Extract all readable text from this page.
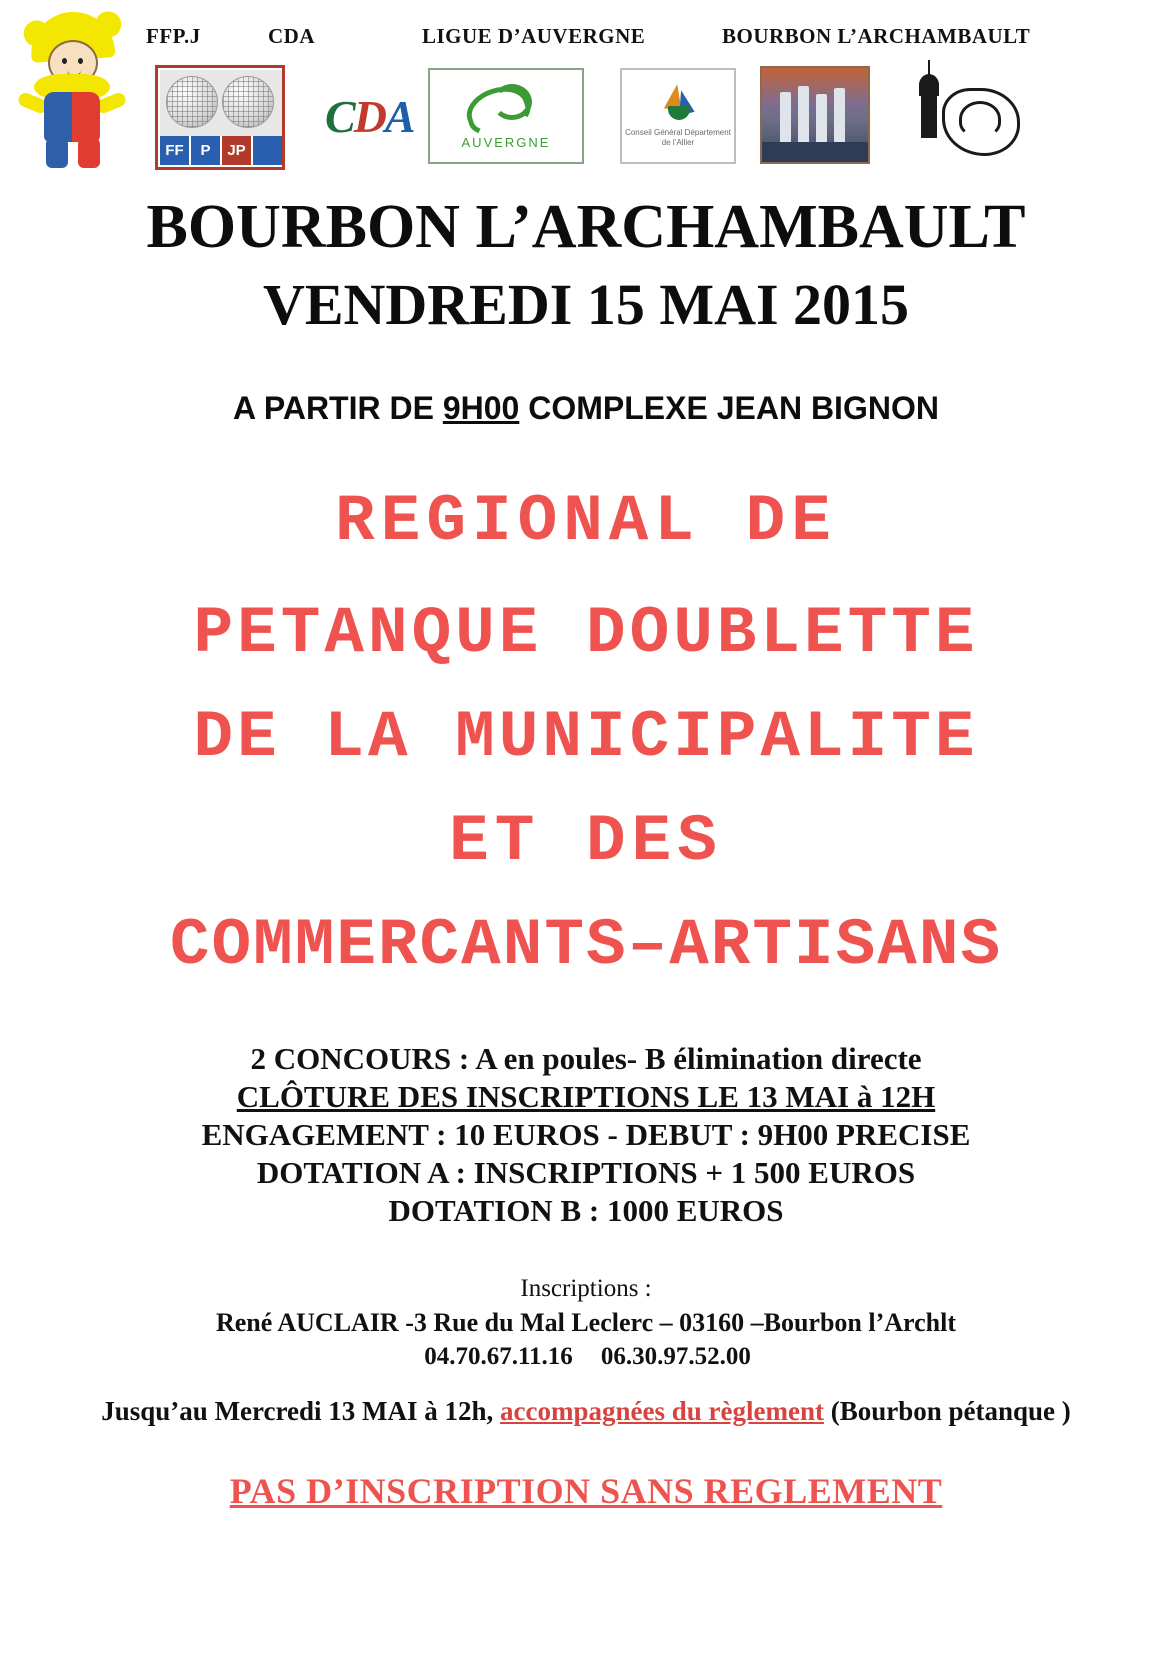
FFP.J	CDA	LIGUE D’AUVERGNE	BOURBON L’ARCHAMBAULT
FF	P	JP
CDA
AUVERGNE
Conseil Général Département de l’Allier
BOURBON L’ARCHAMBAULT
VENDREDI 15 MAI 2015
A PARTIR DE 9H00 COMPLEXE JEAN BIGNON
REGIONAL DE
PETANQUE DOUBLETTE
DE LA MUNICIPALITE
ET DES
COMMERCANTS–ARTISANS
2 CONCOURS : A en poules- B élimination directe
CLÔTURE DES INSCRIPTIONS LE 13 MAI à 12H
ENGAGEMENT : 10 EUROS - DEBUT : 9H00 PRECISE
DOTATION A : INSCRIPTIONS + 1 500 EUROS
DOTATION B : 1000 EUROS
Inscriptions :
René AUCLAIR -3 Rue du Mal Leclerc – 03160 –Bourbon l’Archlt
04.70.67.11.16 06.30.97.52.00
Jusqu’au Mercredi 13 MAI à 12h, accompagnées du règlement (Bourbon pétanque )
PAS D’INSCRIPTION SANS REGLEMENT
